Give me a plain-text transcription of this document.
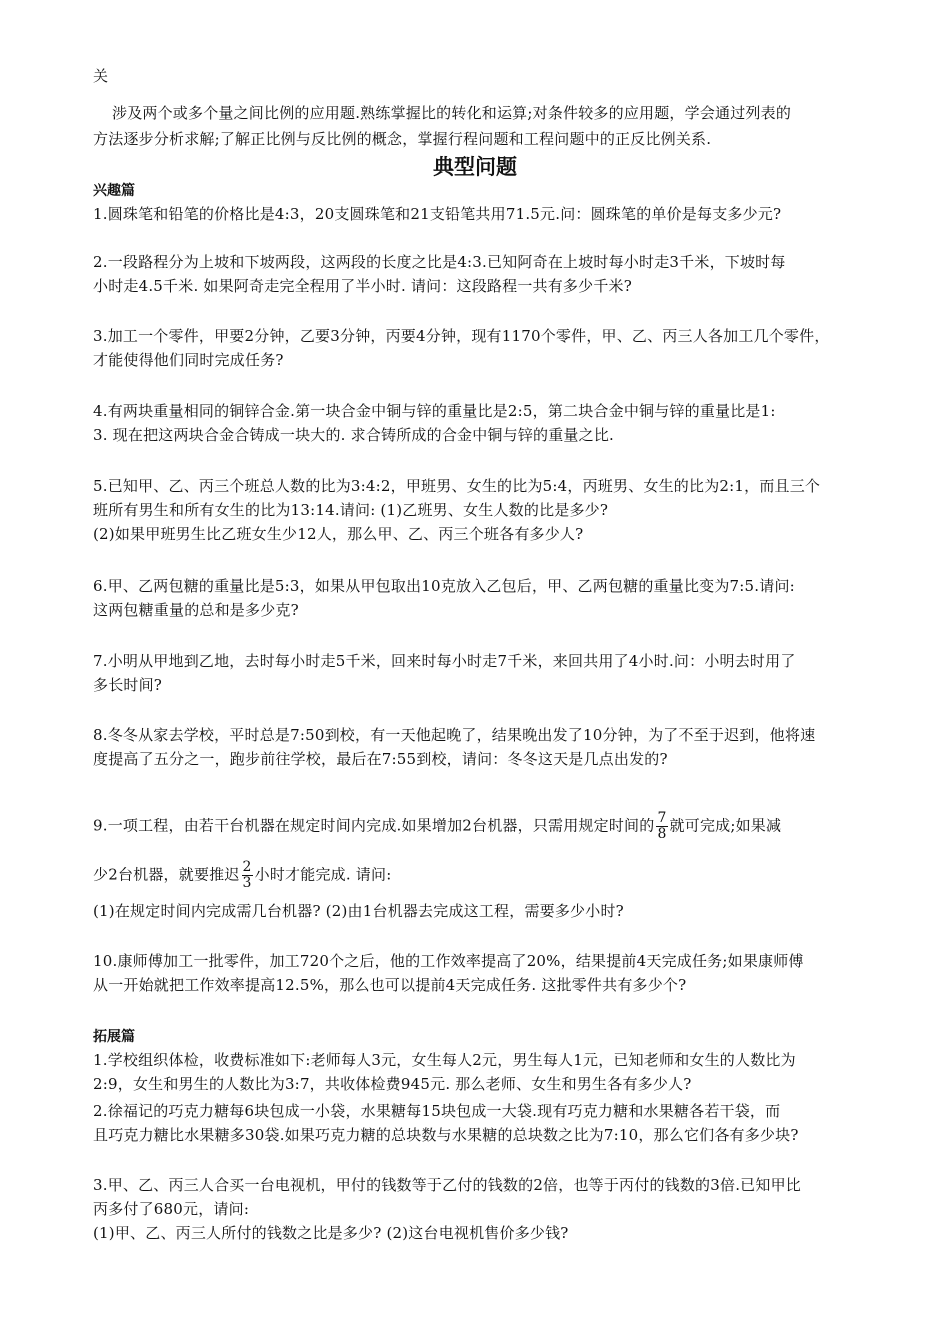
关
涉及两个或多个量之间比例的应用题.熟练掌握比的转化和运算;对条件较多的应用题，学会通过列表的
方法逐步分析求解;了解正比例与反比例的概念，掌握行程问题和工程问题中的正反比例关系.
典型问题
兴趣篇
1.圆珠笔和铅笔的价格比是4:3，20支圆珠笔和21支铅笔共用71.5元.问：圆珠笔的单价是每支多少元?
2.一段路程分为上坡和下坡两段，这两段的长度之比是4:3.已知阿奇在上坡时每小时走3千米，下坡时每
小时走4.5千米. 如果阿奇走完全程用了半小时. 请问：这段路程一共有多少千米?
3.加工一个零件，甲要2分钟，乙要3分钟，丙要4分钟，现有1170个零件，甲、乙、丙三人各加工几个零件，
才能使得他们同时完成任务?
4.有两块重量相同的铜锌合金.第一块合金中铜与锌的重量比是2:5，第二块合金中铜与锌的重量比是1:
3. 现在把这两块合金合铸成一块大的. 求合铸所成的合金中铜与锌的重量之比.
5.已知甲、乙、丙三个班总人数的比为3:4:2，甲班男、女生的比为5:4，丙班男、女生的比为2:1，而且三个
班所有男生和所有女生的比为13:14.请问: (1)乙班男、女生人数的比是多少?
(2)如果甲班男生比乙班女生少12人，那么甲、乙、丙三个班各有多少人?
6.甲、乙两包糖的重量比是5:3，如果从甲包取出10克放入乙包后，甲、乙两包糖的重量比变为7:5.请问:
这两包糖重量的总和是多少克?
7.小明从甲地到乙地，去时每小时走5千米，回来时每小时走7千米，来回共用了4小时.问：小明去时用了
多长时间?
8.冬冬从家去学校，平时总是7:50到校，有一天他起晚了，结果晚出发了10分钟，为了不至于迟到，他将速
度提高了五分之一，跑步前往学校，最后在7:55到校，请问：冬冬这天是几点出发的?
9.一项工程，由若干台机器在规定时间内完成.如果增加2台机器，只需用规定时间的 $\frac{7}{8}$ 就可完成;如果减
少2台机器，就要推迟 $\frac{2}{3}$ 小时才能完成. 请问:
(1)在规定时间内完成需几台机器? (2)由1台机器去完成这工程，需要多少小时?
10.康师傅加工一批零件，加工720个之后，他的工作效率提高了20%，结果提前4天完成任务;如果康师傅
从一开始就把工作效率提高12.5%，那么也可以提前4天完成任务. 这批零件共有多少个?
拓展篇
1.学校组织体检，收费标准如下:老师每人3元，女生每人2元，男生每人1元，已知老师和女生的人数比为
2:9，女生和男生的人数比为3:7，共收体检费945元. 那么老师、女生和男生各有多少人?
2.徐福记的巧克力糖每6块包成一小袋，水果糖每15块包成一大袋.现有巧克力糖和水果糖各若干袋，而
且巧克力糖比水果糖多30袋.如果巧克力糖的总块数与水果糖的总块数之比为7:10，那么它们各有多少块?
3.甲、乙、丙三人合买一台电视机，甲付的钱数等于乙付的钱数的2倍，也等于丙付的钱数的3倍.已知甲比
丙多付了680元，请问:
(1)甲、乙、丙三人所付的钱数之比是多少? (2)这台电视机售价多少钱?
